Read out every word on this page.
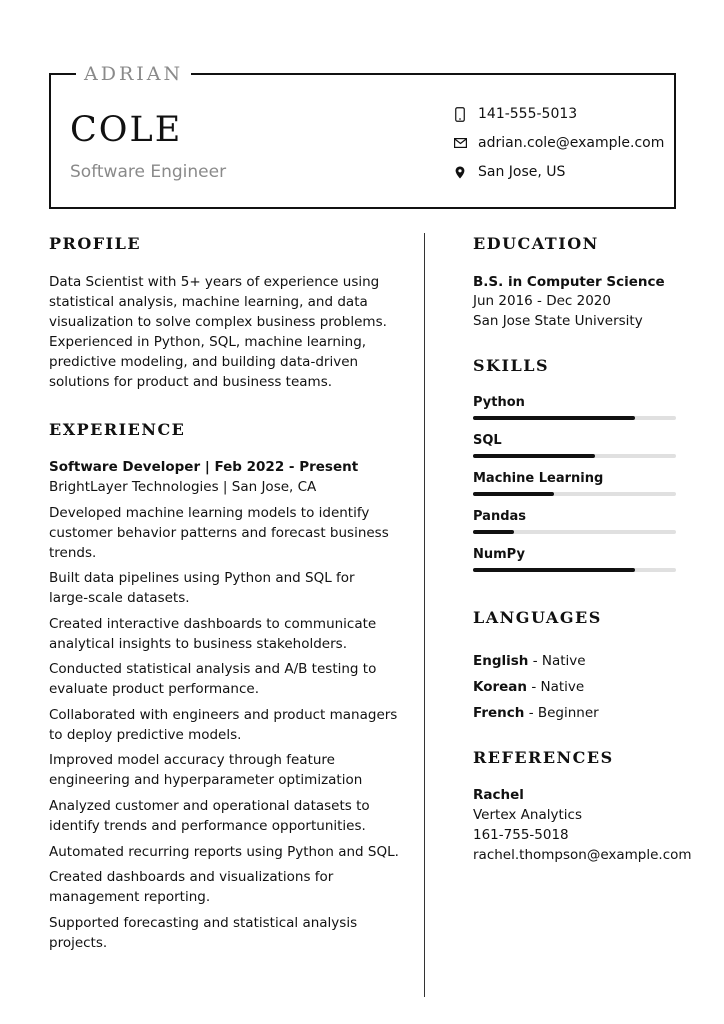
ADRIAN
COLE
Software Engineer
141-555-5013
adrian.cole@example.com
San Jose, US
PROFILE
Data Scientist with 5+ years of experience using statistical analysis, machine learning, and data visualization to solve complex business problems. Experienced in Python, SQL, machine learning, predictive modeling, and building data-driven solutions for product and business teams.
EXPERIENCE
Software Developer | Feb 2022 - Present
BrightLayer Technologies | San Jose, CA
Developed machine learning models to identify customer behavior patterns and forecast business trends.
Built data pipelines using Python and SQL for large-scale datasets.
Created interactive dashboards to communicate analytical insights to business stakeholders.
Conducted statistical analysis and A/B testing to evaluate product performance.
Collaborated with engineers and product managers to deploy predictive models.
Improved model accuracy through feature engineering and hyperparameter optimization
Analyzed customer and operational datasets to identify trends and performance opportunities.
Automated recurring reports using Python and SQL.
Created dashboards and visualizations for management reporting.
Supported forecasting and statistical analysis projects.
EDUCATION
B.S. in Computer Science
Jun 2016 - Dec 2020
San Jose State University
SKILLS
Python
SQL
Machine Learning
Pandas
NumPy
LANGUAGES
English - Native
Korean - Native
French - Beginner
REFERENCES
Rachel
Vertex Analytics
161-755-5018
rachel.thompson@example.com
